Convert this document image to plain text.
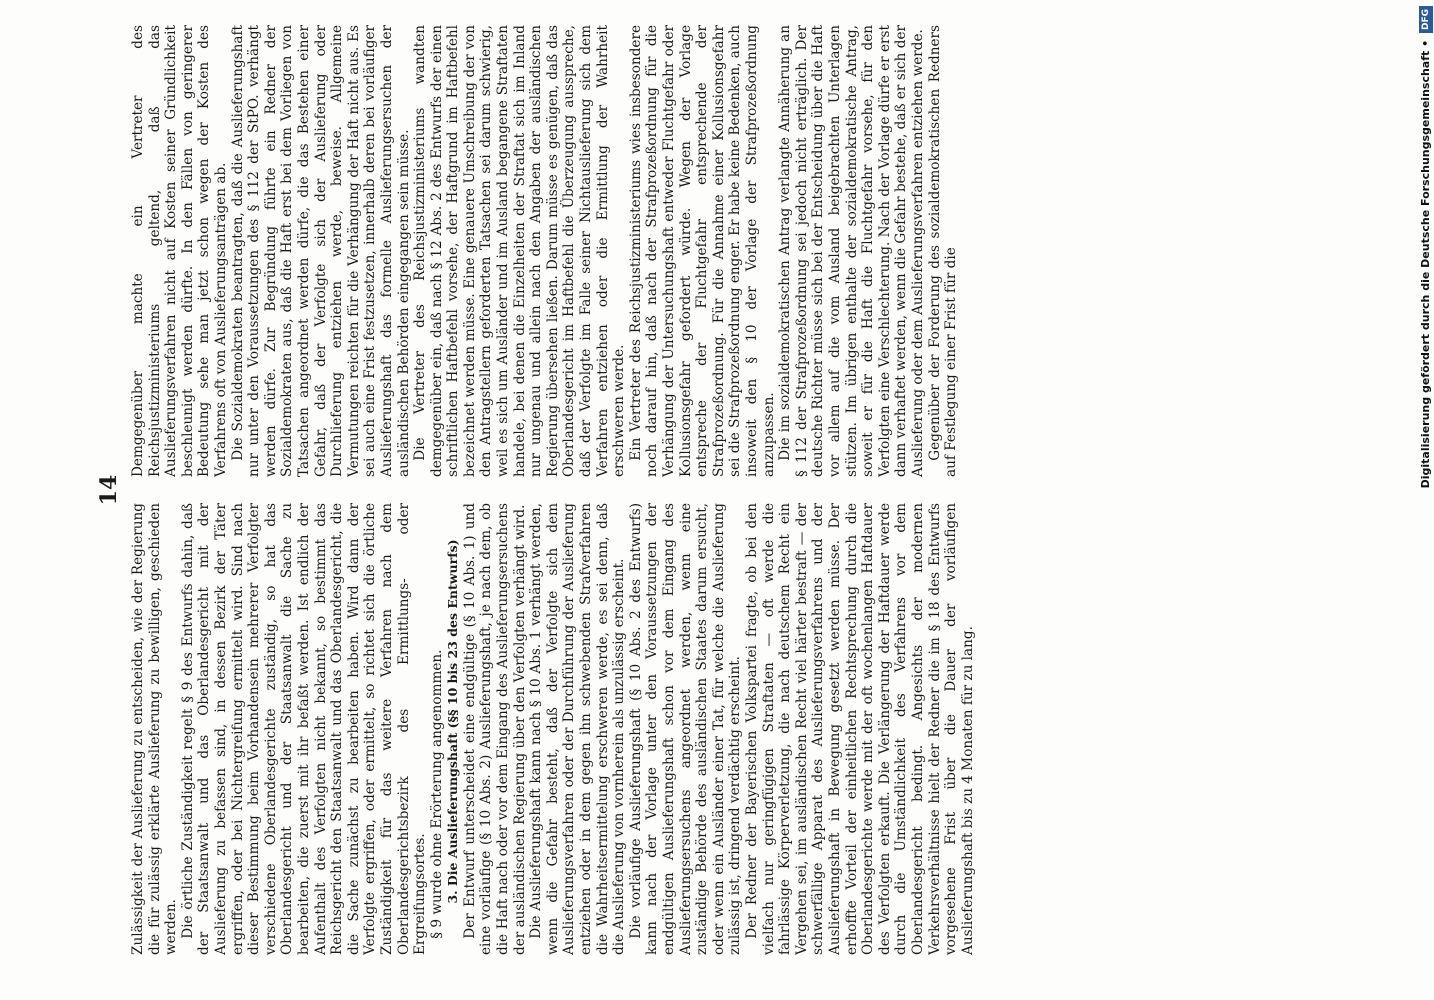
14

Zulässigkeit der Auslieferung zu entscheiden, wie der Regierung die für zulässig erklärte Auslieferung zu bewilligen, geschieden werden. Die örtliche Zuständigkeit regelt § 9 des Entwurfs dahin, daß der Staatsanwalt und das Oberlandesgericht mit der Auslieferung zu befassen sind, in dessen Bezirk der Täter ergriffen, oder bei Nichtergreifung ermittelt wird. Sind nach dieser Bestimmung beim Vorhandensein mehrerer Verfolgter verschiedene Oberlandesgerichte zuständig, so hat das Oberlandesgericht und der Staatsanwalt die Sache zu bearbeiten, die zuerst mit ihr befaßt werden. Ist endlich der Aufenthalt des Verfolgten nicht bekannt, so bestimmt das Reichsgericht den Staatsanwalt und das Oberlandesgericht, die die Sache zunächst zu bearbeiten haben. Wird dann der Verfolgte ergriffen, oder ermittelt, so richtet sich die örtliche Zuständigkeit für das weitere Verfahren nach dem Oberlandesgerichtsbezirk des Ermittlungs- oder Ergreifungsortes. § 9 wurde ohne Erörterung angenommen. 3. Die Auslieferungshaft (§§ 10 bis 23 des Entwurfs) Der Entwurf unterscheidet eine endgültige (§ 10 Abs. 1) und eine vorläufige (§ 10 Abs. 2) Auslieferungshaft, je nach dem, ob die Haft nach oder vor dem Eingang des Auslieferungsersuchens der ausländischen Regierung über den Verfolgten verhängt wird. Die Auslieferungshaft kann nach § 10 Abs. 1 verhängt werden, wenn die Gefahr besteht, daß der Verfolgte sich dem Auslieferungsverfahren oder der Durchführung der Auslieferung entziehen oder in dem gegen ihn schwebenden Strafverfahren die Wahrheitsermittelung erschweren werde, es sei denn, daß die Auslieferung von vornherein als unzulässig erscheint. Die vorläufige Auslieferungshaft (§ 10 Abs. 2 des Entwurfs) kann nach der Vorlage unter den Voraussetzungen der endgültigen Auslieferungshaft schon vor dem Eingang des Auslieferungsersuchens angeordnet werden, wenn eine zuständige Behörde des ausländischen Staates darum ersucht, oder wenn ein Ausländer einer Tat, für welche die Auslieferung zulässig ist, dringend verdächtig erscheint. Der Redner der Bayerischen Volkspartei fragte, ob bei den vielfach nur geringfügigen Straftaten — oft werde die fahrlässige Körperverletzung, die nach deutschem Recht ein Vergehen sei, im ausländischen Recht viel härter bestraft — der schwerfällige Apparat des Auslieferungsverfahrens und der Auslieferungshaft in Bewegung gesetzt werden müsse. Der erhoffte Vorteil der einheitlichen Rechtsprechung durch die Oberlandesgerichte werde mit der oft wochenlangen Haftdauer des Verfolgten erkauft. Die Verlängerung der Haftdauer werde durch die Umständlichkeit des Verfahrens vor dem Oberlandesgericht bedingt. Angesichts der modernen Verkehrsverhältnisse hielt der Redner die im § 18 des Entwurfs vorgesehene Frist über die Dauer der vorläufigen Auslieferungshaft bis zu 4 Monaten für zu lang.

Demgegenüber machte ein Vertreter des Reichsjustizministeriums geltend, daß das Auslieferungsverfahren nicht auf Kosten seiner Gründlichkeit beschleunigt werden dürfte. In den Fällen von geringerer Bedeutung sehe man jetzt schon wegen der Kosten des Verfahrens oft von Auslieferungsanträgen ab. Die Sozialdemokraten beantragten, daß die Auslieferungshaft nur unter den Voraussetzungen des § 112 der StPO. verhängt werden dürfe. Zur Begründung führte ein Redner der Sozialdemokraten aus, daß die Haft erst bei dem Vorliegen von Tatsachen angeordnet werden dürfe, die das Bestehen einer Gefahr, daß der Verfolgte sich der Auslieferung oder Durchlieferung entziehen werde, beweise. Allgemeine Vermutungen reichten für die Verhängung der Haft nicht aus. Es sei auch eine Frist festzusetzen, innerhalb deren bei vorläufiger Auslieferungshaft das formelle Auslieferungsersuchen der ausländischen Behörden eingegangen sein müsse. Die Vertreter des Reichsjustizministeriums wandten demgegenüber ein, daß nach § 12 Abs. 2 des Entwurfs der einen schriftlichen Haftbefehl vorsehe, der Haftgrund im Haftbefehl bezeichnet werden müsse. Eine genauere Umschreibung der von den Antragstellern geforderten Tatsachen sei darum schwierig, weil es sich um Ausländer und im Ausland begangene Straftaten handele, bei denen die Einzelheiten der Straftat sich im Inland nur ungenau und allein nach den Angaben der ausländischen Regierung übersehen ließen. Darum müsse es genügen, daß das Oberlandesgericht im Haftbefehl die Überzeugung ausspreche, daß der Verfolgte im Falle seiner Nichtauslieferung sich dem Verfahren entziehen oder die Ermittlung der Wahrheit erschweren werde. Ein Vertreter des Reichsjustizministeriums wies insbesondere noch darauf hin, daß nach der Strafprozeßordnung für die Verhängung der Untersuchungshaft entweder Fluchtgefahr oder Kollusionsgefahr gefordert würde. Wegen der Vorlage entspreche der Fluchtgefahr entsprechende der Strafprozeßordnung. Für die Annahme einer Kollusionsgefahr sei die Strafprozeßordnung enger. Er habe keine Bedenken, auch insoweit den § 10 der Vorlage der Strafprozeßordnung anzupassen. Die im sozialdemokratischen Antrag verlangte Annäherung an § 112 der Strafprozeßordnung sei jedoch nicht erträglich. Der deutsche Richter müsse sich bei der Entscheidung über die Haft vor allem auf die vom Ausland beigebrachten Unterlagen stützen. Im übrigen enthalte der sozialdemokratische Antrag, soweit er für die Haft die Fluchtgefahr vorsehe, für den Verfolgten eine Verschlechterung. Nach der Vorlage dürfe er erst dann verhaftet werden, wenn die Gefahr bestehe, daß er sich der Auslieferung oder dem Auslieferungsverfahren entziehen werde. Gegenüber der Forderung des sozialdemokratischen Redners auf Festlegung einer Frist für die	Digitalisierung gefördert durch die Deutsche Forschungsgemeinschaft • DFG
